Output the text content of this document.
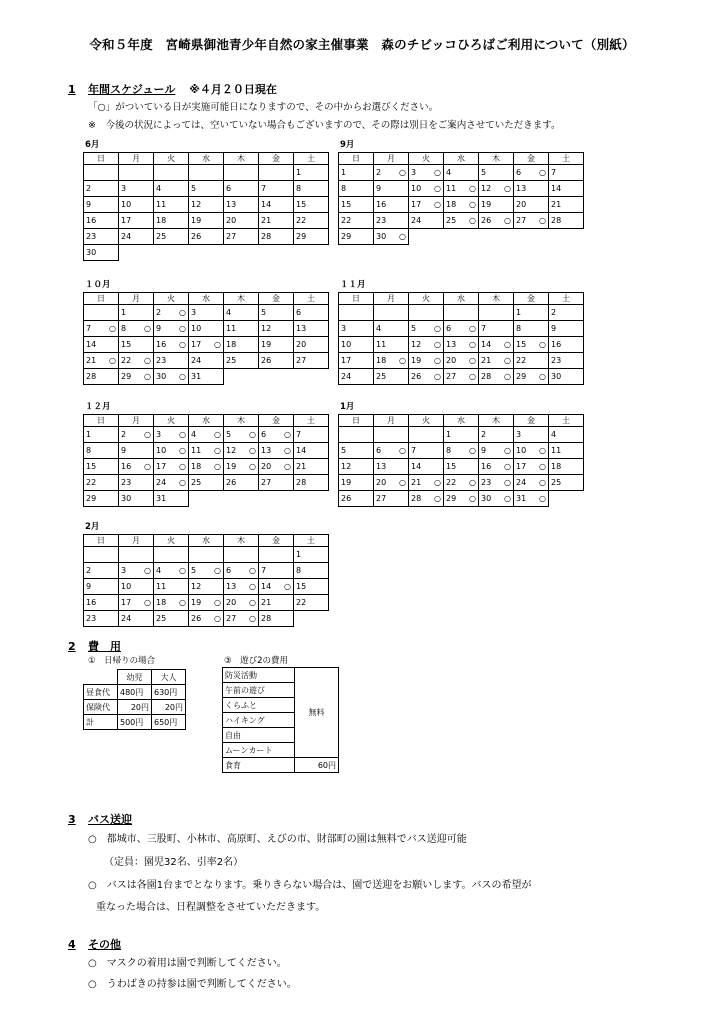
令和５年度　宮崎県御池青少年自然の家主催事業　森のチビッコひろばご利用について（別紙）
1 年間スケジュール ※４月２０日現在
「○」がついている日が実施可能日になりますので、その中からお選びください。
※　今後の状況によっては、空いていない場合もございますので、その際は別日をご案内させていただきます。
6月
日	月	火	水	木	金	土
						1
2	3	4	5	6	7	8
9	10	11	12	13	14	15
16	17	18	19	20	21	22
23	24	25	26	27	28	29
30						
9月
日	月	火	水	木	金	土
1	2 ○	3 ○	4	5	6 ○	7
8	9	10 ○	11 ○	12 ○	13	14
15	16	17 ○	18 ○	19	20	21
22	23	24	25 ○	26 ○	27 ○	28
29	30 ○					

１０月
日	月	火	水	木	金	土
	1	2 ○	3	4	5	6
7 ○	8 ○	9 ○	10	11	12	13
14	15	16 ○	17 ○	18	19	20
21 ○	22 ○	23	24	25	26	27
28	29 ○	30 ○	31			
１１月
日	月	火	水	木	金	土
					1	2
3	4	5 ○	6 ○	7	8	9
10	11	12 ○	13 ○	14 ○	15 ○	16
17	18 ○	19 ○	20 ○	21 ○	22	23
24	25	26 ○	27 ○	28 ○	29 ○	30
１２月
日	月	火	水	木	金	土
1	2 ○	3 ○	4 ○	5 ○	6 ○	7
8	9	10 ○	11 ○	12 ○	13 ○	14
15	16 ○	17 ○	18 ○	19 ○	20 ○	21
22	23	24 ○	25	26	27	28
29	30	31				
1月
日	月	火	水	木	金	土
			1	2	3	4
5	6 ○	7	8 ○	9 ○	10 ○	11
12	13	14	15	16 ○	17 ○	18
19	20 ○	21 ○	22 ○	23 ○	24 ○	25
26	27	28 ○	29 ○	30 ○	31 ○	

2月
日	月	火	水	木	金	土
						1
2	3 ○	4 ○	5 ○	6 ○	7	8
9	10	11	12	13 ○	14 ○	15
16	17 ○	18 ○	19 ○	20 ○	21	22
23	24	25	26 ○	27 ○	28	
2 費　用
①　日帰りの場合	③　遊び2の費用
	幼児	大人
昼食代	480円	630円
保険代	20円	20円
計	500円	650円
防災活動	無料
午前の遊び	
くらふと	
ハイキング	
自由	
ムーンカート	
食育	60円
3 バス送迎
○　都城市、三股町、小林市、高原町、えびの市、財部町の園は無料でバス送迎可能
（定員：園児32名、引率2名）
○　バスは各園1台までとなります。乗りきらない場合は、園で送迎をお願いします。バスの希望が
重なった場合は、日程調整をさせていただきます。
4 その他
○　マスクの着用は園で判断してください。
○　うわばきの持参は園で判断してください。
